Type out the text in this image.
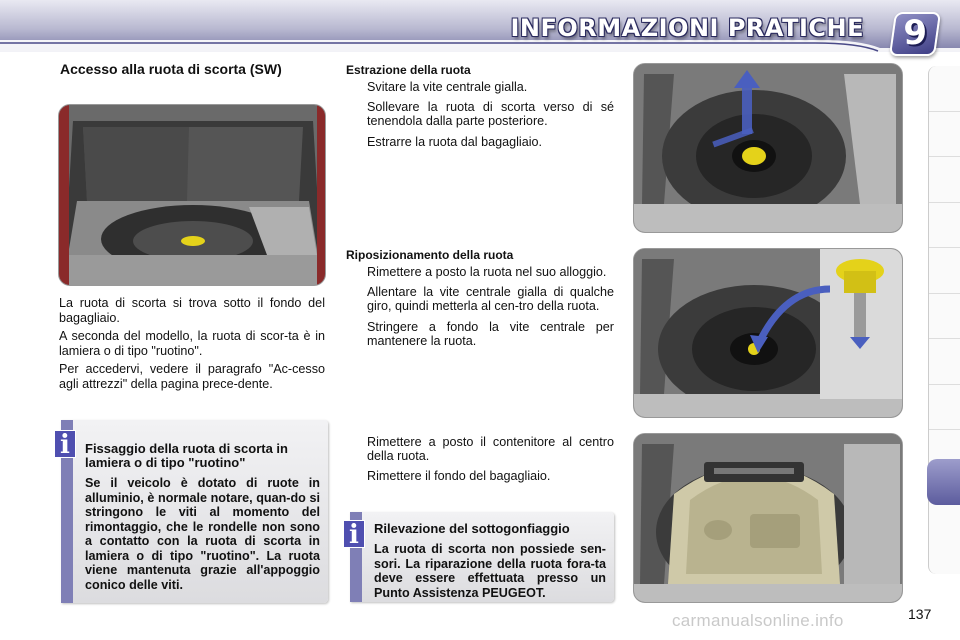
INFORMAZIONI PRATICHE 9
Accesso alla ruota di scorta (SW)

La ruota di scorta si trova sotto il fondo del bagagliaio.

A seconda del modello, la ruota di scor-ta è in lamiera o di tipo "ruotino".

Per accedervi, vedere il paragrafo "Ac-cesso agli attrezzi" della pagina prece-dente.

Fissaggio della ruota di scorta in lamiera o di tipo "ruotino"
Se il veicolo è dotato di ruote in alluminio, è normale notare, quan-do si stringono le viti al momento del rimontaggio, che le rondelle non sono a contatto con la ruota di scorta in lamiera o di tipo "ruotino". La ruota viene mantenuta grazie all'appoggio conico delle viti.
i
Estrazione della ruota
Svitare la vite centrale gialla.
Sollevare la ruota di scorta verso di sé tenendola dalla parte posteriore.
Estrarre la ruota dal bagagliaio.
Riposizionamento della ruota
Rimettere a posto la ruota nel suo alloggio.
Allentare la vite centrale gialla di qualche giro, quindi metterla al cen-tro della ruota.
Stringere a fondo la vite centrale per mantenere la ruota.
Rimettere a posto il contenitore al centro della ruota.
Rimettere il fondo del bagagliaio.
Rilevazione del sottogonfiaggio
La ruota di scorta non possiede sen-sori. La riparazione della ruota fora-ta deve essere effettuata presso un Punto Assistenza PEUGEOT.
i
carmanualsonline.info	137
